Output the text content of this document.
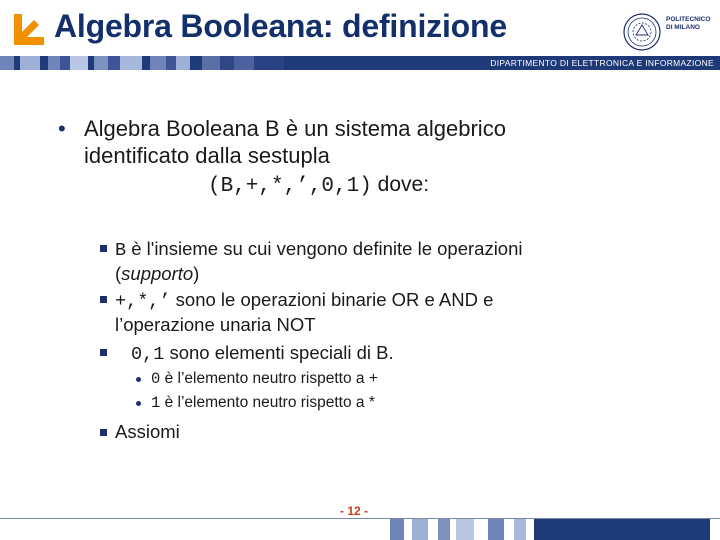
Algebra Booleana: definizione	POLITECNICO
DI MILANO
DIPARTIMENTO DI ELETTRONICA E INFORMAZIONE
• Algebra Booleana B è un sistema algebrico
identificato dalla sestupla
(B,+,*,’,0,1) dove:
B è l'insieme su cui vengono definite le operazioni
(supporto)
+,*,’ sono le operazioni binarie OR e AND e
l’operazione unaria NOT
0,1 sono elementi speciali di B.
0 è l’elemento neutro rispetto a +
1 è l’elemento neutro rispetto a *
Assiomi
- 12 -
